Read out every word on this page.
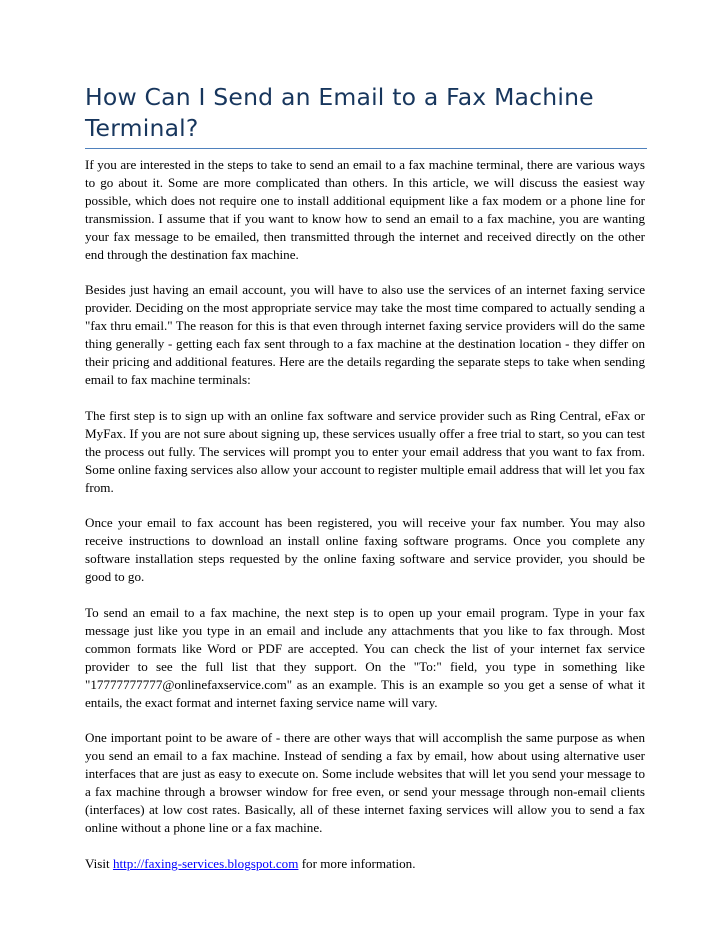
How Can I Send an Email to a Fax Machine Terminal?

If you are interested in the steps to take to send an email to a fax machine terminal, there are various ways to go about it. Some are more complicated than others. In this article, we will discuss the easiest way possible, which does not require one to install additional equipment like a fax modem or a phone line for transmission. I assume that if you want to know how to send an email to a fax machine, you are wanting your fax message to be emailed, then transmitted through the internet and received directly on the other end through the destination fax machine.

Besides just having an email account, you will have to also use the services of an internet faxing service provider. Deciding on the most appropriate service may take the most time compared to actually sending a "fax thru email." The reason for this is that even through internet faxing service providers will do the same thing generally - getting each fax sent through to a fax machine at the destination location - they differ on their pricing and additional features. Here are the details regarding the separate steps to take when sending email to fax machine terminals:

The first step is to sign up with an online fax software and service provider such as Ring Central, eFax or MyFax. If you are not sure about signing up, these services usually offer a free trial to start, so you can test the process out fully. The services will prompt you to enter your email address that you want to fax from. Some online faxing services also allow your account to register multiple email address that will let you fax from.

Once your email to fax account has been registered, you will receive your fax number. You may also receive instructions to download an install online faxing software programs. Once you complete any software installation steps requested by the online faxing software and service provider, you should be good to go.

To send an email to a fax machine, the next step is to open up your email program. Type in your fax message just like you type in an email and include any attachments that you like to fax through. Most common formats like Word or PDF are accepted. You can check the list of your internet fax service provider to see the full list that they support. On the "To:" field, you type in something like "17777777777@onlinefaxservice.com" as an example. This is an example so you get a sense of what it entails, the exact format and internet faxing service name will vary.

One important point to be aware of - there are other ways that will accomplish the same purpose as when you send an email to a fax machine. Instead of sending a fax by email, how about using alternative user interfaces that are just as easy to execute on. Some include websites that will let you send your message to a fax machine through a browser window for free even, or send your message through non-email clients (interfaces) at low cost rates. Basically, all of these internet faxing services will allow you to send a fax online without a phone line or a fax machine.

Visit http://faxing-services.blogspot.com for more information.
